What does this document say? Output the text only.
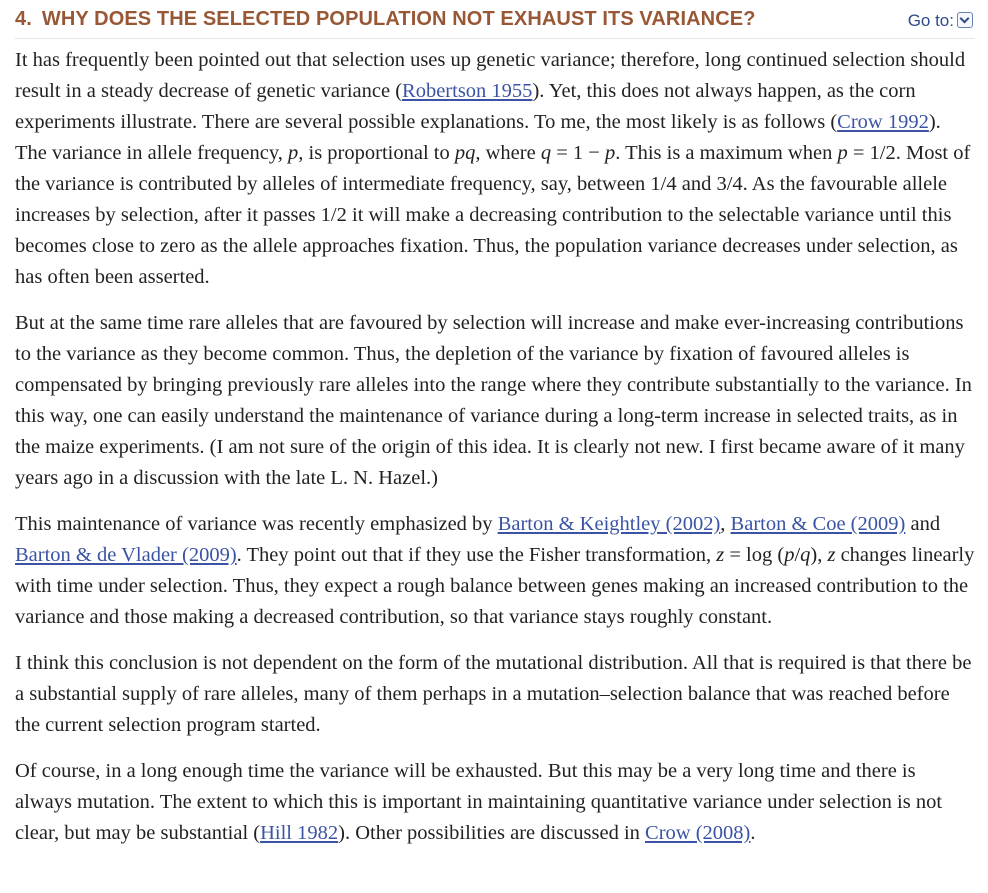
4. WHY DOES THE SELECTED POPULATION NOT EXHAUST ITS VARIANCE?	Go to:

It has frequently been pointed out that selection uses up genetic variance; therefore, long continued selection should result in a steady decrease of genetic variance (Robertson 1955). Yet, this does not always happen, as the corn experiments illustrate. There are several possible explanations. To me, the most likely is as follows (Crow 1992). The variance in allele frequency, p, is proportional to pq, where q = 1 − p. This is a maximum when p = 1/2. Most of the variance is contributed by alleles of intermediate frequency, say, between 1/4 and 3/4. As the favourable allele increases by selection, after it passes 1/2 it will make a decreasing contribution to the selectable variance until this becomes close to zero as the allele approaches fixation. Thus, the population variance decreases under selection, as has often been asserted.

But at the same time rare alleles that are favoured by selection will increase and make ever-increasing contributions to the variance as they become common. Thus, the depletion of the variance by fixation of favoured alleles is compensated by bringing previously rare alleles into the range where they contribute substantially to the variance. In this way, one can easily understand the maintenance of variance during a long-term increase in selected traits, as in the maize experiments. (I am not sure of the origin of this idea. It is clearly not new. I first became aware of it many years ago in a discussion with the late L. N. Hazel.)

This maintenance of variance was recently emphasized by Barton & Keightley (2002), Barton & Coe (2009) and Barton & de Vlader (2009). They point out that if they use the Fisher transformation, z = log (p/q), z changes linearly with time under selection. Thus, they expect a rough balance between genes making an increased contribution to the variance and those making a decreased contribution, so that variance stays roughly constant.

I think this conclusion is not dependent on the form of the mutational distribution. All that is required is that there be a substantial supply of rare alleles, many of them perhaps in a mutation–selection balance that was reached before the current selection program started.

Of course, in a long enough time the variance will be exhausted. But this may be a very long time and there is always mutation. The extent to which this is important in maintaining quantitative variance under selection is not clear, but may be substantial (Hill 1982). Other possibilities are discussed in Crow (2008).
